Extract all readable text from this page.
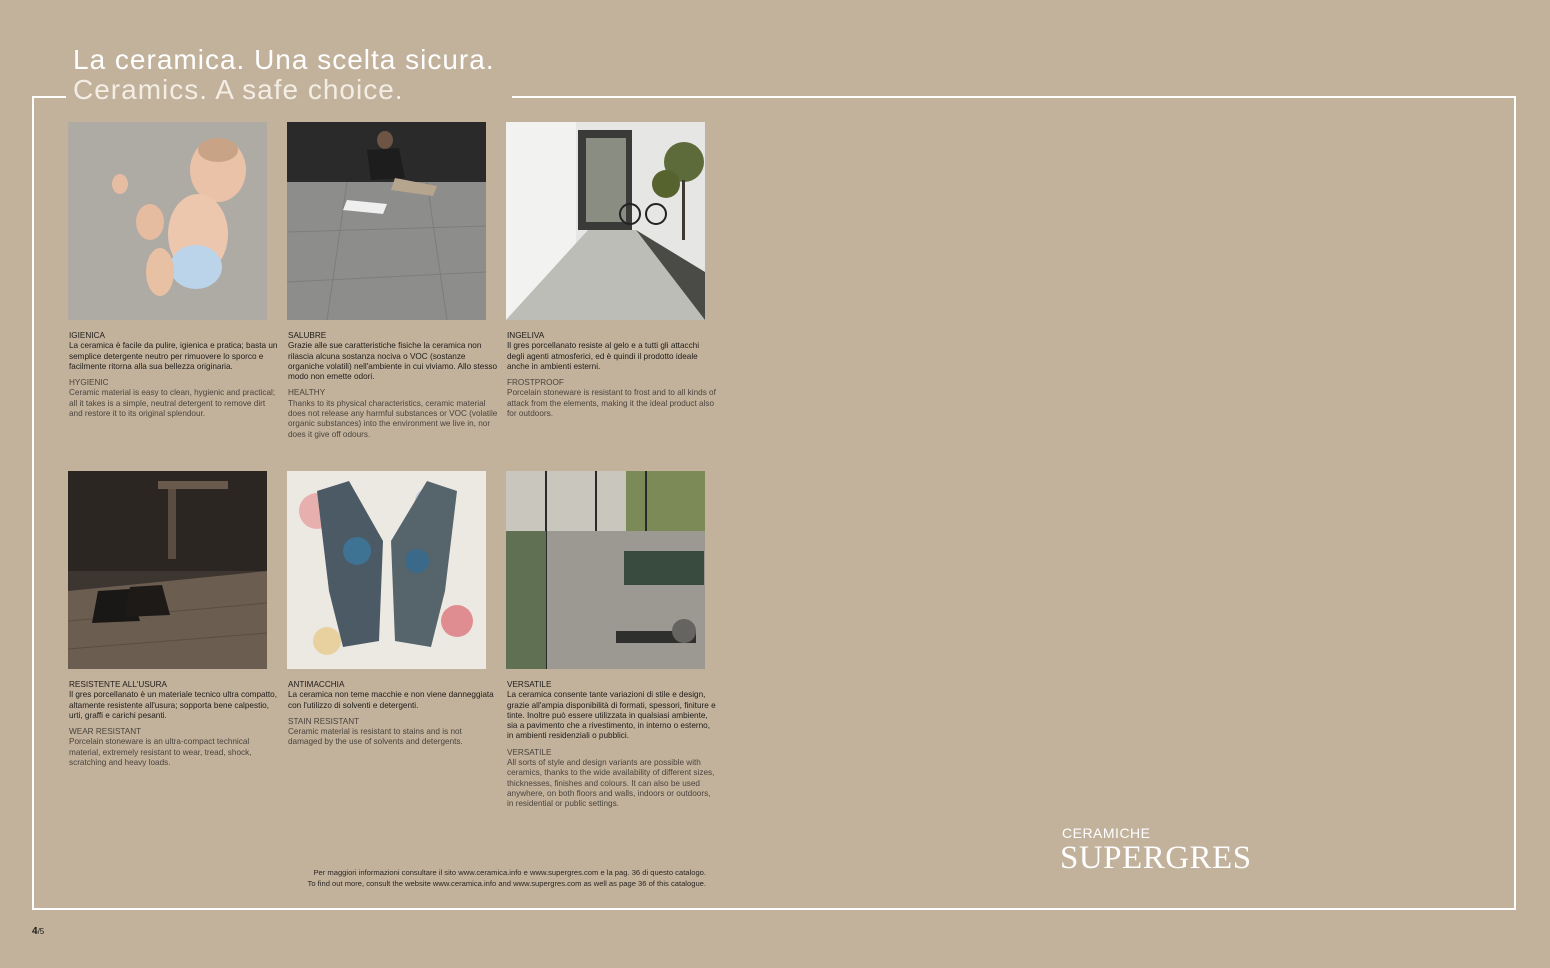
La ceramica. Una scelta sicura.
Ceramics. A safe choice.
IGIENICA

La ceramica è facile da pulire, igienica e pratica; basta un semplice detergente neutro per rimuovere lo sporco e facilmente ritorna alla sua bellezza originaria.

HYGIENIC

Ceramic material is easy to clean, hygienic and practical; all it takes is a simple, neutral detergent to remove dirt and restore it to its original splendour.

SALUBRE

Grazie alle sue caratteristiche fisiche la ceramica non rilascia alcuna sostanza nociva o VOC (sostanze organiche volatili) nell'ambiente in cui viviamo. Allo stesso modo non emette odori.

HEALTHY

Thanks to its physical characteristics, ceramic material does not release any harmful substances or VOC (volatile organic substances) into the environment we live in, nor does it give off odours.

INGELIVA

Il gres porcellanato resiste al gelo e a tutti gli attacchi degli agenti atmosferici, ed è quindi il prodotto ideale anche in ambienti esterni.

FROSTPROOF

Porcelain stoneware is resistant to frost and to all kinds of attack from the elements, making it the ideal product also for outdoors.

RESISTENTE ALL'USURA

Il gres porcellanato è un materiale tecnico ultra compatto, altamente resistente all'usura; sopporta bene calpestio, urti, graffi e carichi pesanti.

WEAR RESISTANT

Porcelain stoneware is an ultra-compact technical material, extremely resistant to wear, tread, shock, scratching and heavy loads.

ANTIMACCHIA

La ceramica non teme macchie e non viene danneggiata con l'utilizzo di solventi e detergenti.

STAIN RESISTANT

Ceramic material is resistant to stains and is not damaged by the use of solvents and detergents.

VERSATILE

La ceramica consente tante variazioni di stile e design, grazie all'ampia disponibilità di formati, spessori, finiture e tinte. Inoltre può essere utilizzata in qualsiasi ambiente, sia a pavimento che a rivestimento, in interno o esterno, in ambienti residenziali o pubblici.

VERSATILE

All sorts of style and design variants are possible with ceramics, thanks to the wide availability of different sizes, thicknesses, finishes and colours. It can also be used anywhere, on both floors and walls, indoors or outdoors, in residential or public settings.

Per maggiori informazioni consultare il sito www.ceramica.info e www.supergres.com e la pag. 36 di questo catalogo.
To find out more, consult the website www.ceramica.info and www.supergres.com as well as page 36 of this catalogue.
CERAMICHE
SUPERGRES
4/5
